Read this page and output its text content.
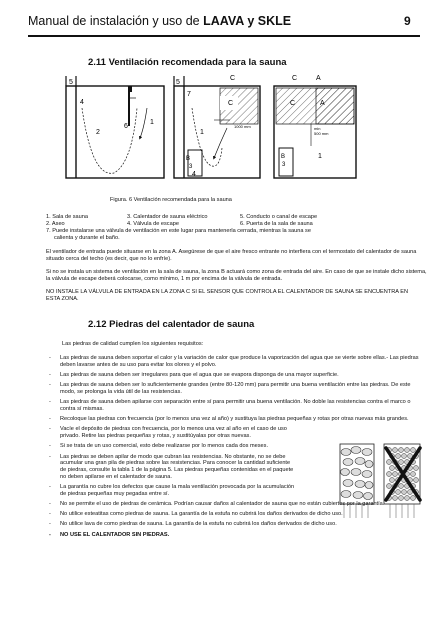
Manual de instalación y uso de LAAVA y SKLE	9
2.11 Ventilación recomendada para la sauna
5
4
2
6
1
5
7
C
C
1
B
3
4
1000 mm
C	A
C	A
min
500 mm
B
3
1
Figura. 6 Ventilación recomendada para la sauna
1. Sala de sauna	3. Calentador de sauna eléctrico	5. Conducto o canal de escape
2. Aseo	4. Válvula de escape	6. Puerta de la sala de sauna
7. Puede instalarse una válvula de ventilación en este lugar para mantenerla cerrada, mientras la sauna se
calienta y durante el baño.
El ventilador de entrada puede situarse en la zona A. Asegúrese de que el aire fresco entrante no interfiera con el termostato del calentador de sauna situado cerca del techo (es decir, que no lo enfríe).
Si no se instala un sistema de ventilación en la sala de sauna, la zona B actuará como zona de entrada del aire. En caso de que se instale dicho sistema, la válvula de escape deberá colocarse, como mínimo, 1 m por encima de la válvula de entrada.
NO INSTALE LA VÁLVULA DE ENTRADA EN LA ZONA C SI EL SENSOR QUE CONTROLA EL CALENTADOR DE SAUNA SE ENCUENTRA EN ESTA ZONA.
2.12 Piedras del calentador de sauna
Las piedras de calidad cumplen los siguientes requisitos:
- Las piedras de sauna deben soportar el calor y la variación de calor que produce la vaporización del agua que se vierte sobre ellas.- Las piedras deben lavarse antes de su uso para evitar los olores y el polvo.
- Las piedras de sauna deben ser irregulares para que el agua que se evapora disponga de una mayor superficie.
- Las piedras de sauna deben ser lo suficientemente grandes (entre 80-120 mm) para permitir una buena ventilación entre las piedras. De este modo, se prolonga la vida útil de las resistencias.
- Las piedras de sauna deben apilarse con separación entre sí para permitir una buena ventilación. No doble las resistencias contra el marco o contra sí mismas.
- Recoloque las piedras con frecuencia (por lo menos una vez al año) y sustituya las piedras pequeñas y rotas por otras nuevas más grandes.
- Vacíe el depósito de piedras con frecuencia, por lo menos una vez al año en el caso de uso privado. Retire las piedras pequeñas y rotas, y sustitúyalas por otras nuevas.
- Si se trata de un uso comercial, esto debe realizarse por lo menos cada dos meses.
- Las piedras se deben apilar de modo que cubran las resistencias. No obstante, no se debe acumular una gran pila de piedras sobre las resistencias. Para conocer la cantidad suficiente de piedras, consulte la tabla 1 de la página 5. Las piedras pequeñas contenidas en el paquete no deben apilarse en el calentador de sauna.
- La garantía no cubre los defectos que cause la mala ventilación provocada por la acumulación de piedras pequeñas muy pegadas entre sí.
- No se permite el uso de piedras de cerámica. Podrían causar daños al calentador de sauna que no están cubiertos por la garantía.
- No utilice esteatitas como piedras de sauna. La garantía de la estufa no cubrirá los daños derivados de dicho uso.
- No utilice lava de como piedras de sauna. La garantía de la estufa no cubrirá los daños derivados de dicho uso.
- NO USE EL CALENTADOR SIN PIEDRAS.
